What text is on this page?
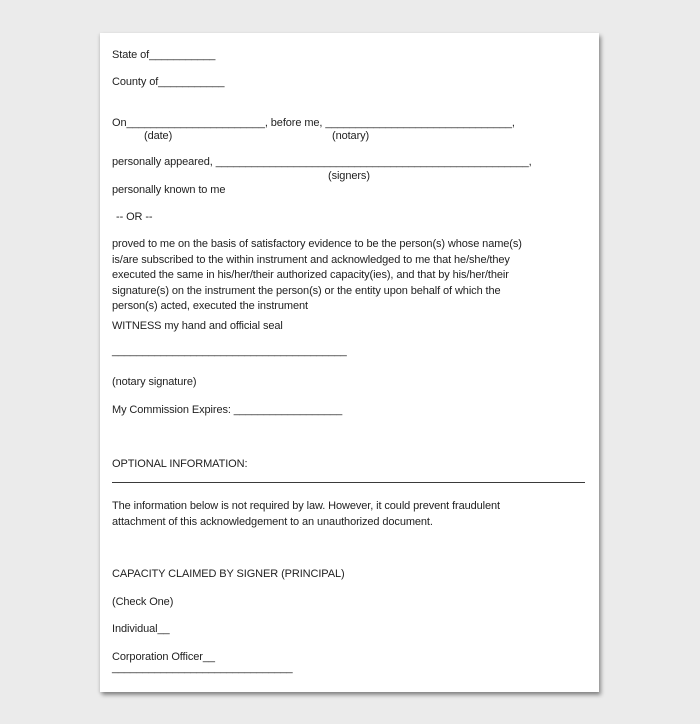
State of___________
County of___________
On_______________________, before me, _______________________________,
(date)	(notary)
personally appeared, ____________________________________________________,
(signers)
personally known to me
-- OR --
proved to me on the basis of satisfactory evidence to be the person(s) whose name(s)
is/are subscribed to the within instrument and acknowledged to me that he/she/they
executed the same in his/her/their authorized capacity(ies), and that by his/her/their
signature(s) on the instrument the person(s) or the entity upon behalf of which the
person(s) acted, executed the instrument
WITNESS my hand and official seal
_______________________________________
(notary signature)
My Commission Expires: __________________
OPTIONAL INFORMATION:
The information below is not required by law. However, it could prevent fraudulent
attachment of this acknowledgement to an unauthorized document.
CAPACITY CLAIMED BY SIGNER (PRINCIPAL)
(Check One)
Individual__
Corporation Officer__
______________________________
